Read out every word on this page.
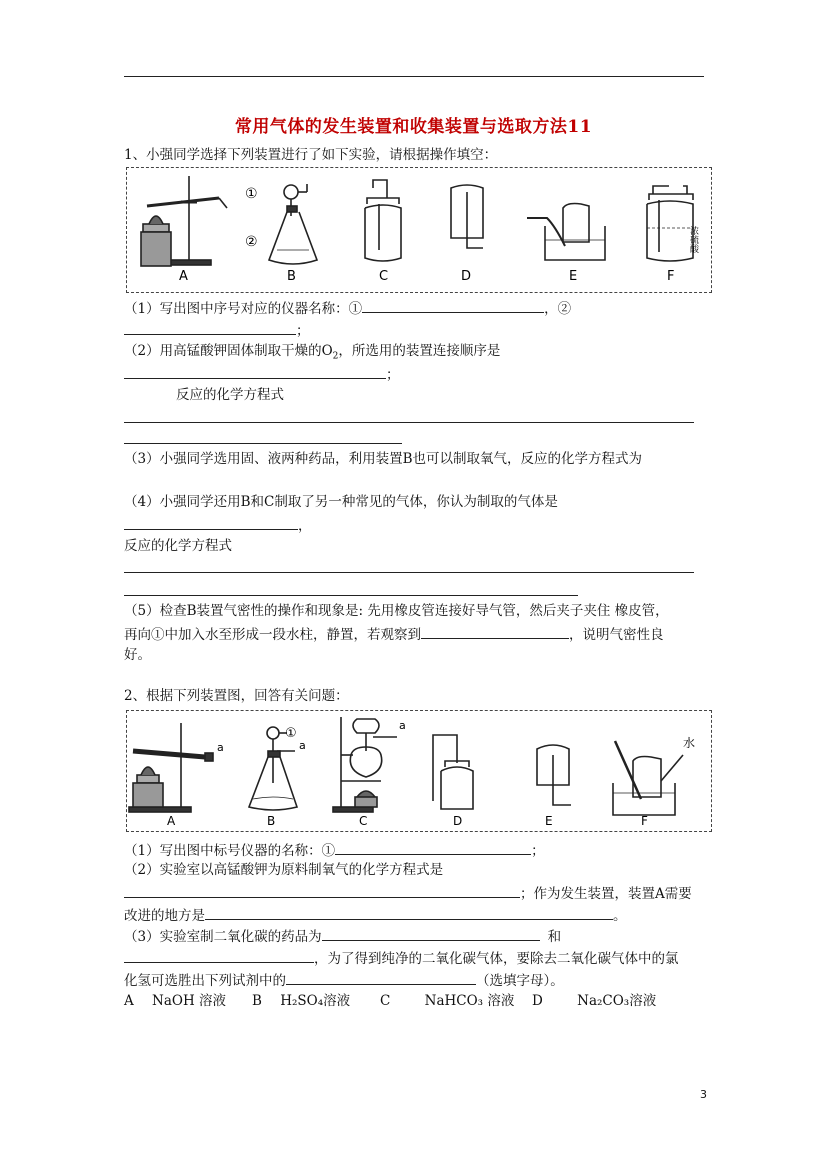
常用气体的发生装置和收集装置与选取方法11
1、小强同学选择下列装置进行了如下实验，请根据操作填空：
A	B	C	D	E	F
①
②	浓硫酸
（1）写出图中序号对应的仪器名称：①	，②
；
（2）用高锰酸钾固体制取干燥的$O_2$，所选用的装置连接顺序是
；
反应的化学方程式
（3）小强同学选用固、液两种药品，利用装置B也可以制取氧气，反应的化学方程式为
（4）小强同学还用B和C制取了另一种常见的气体，你认为制取的气体是
，
反应的化学方程式
（5）检查B装置气密性的操作和现象是: 先用橡皮管连接好导气管，然后夹子夹住 橡皮管，
再向①中加入水至形成一段水柱，静置，若观察到	，说明气密性良
好。
2、根据下列装置图，回答有关问题：
A	B	C	D	E	F
a
①
a
a
水
（1）写出图中标号仪器的名称：①	；
（2）实验室以高锰酸钾为原料制氧气的化学方程式是
；作为发生装置，装置A需要
改进的地方是	。
（3）实验室制二氧化碳的药品为	和
，为了得到纯净的二氧化碳气体，要除去二氧化碳气体中的氯
化氢可选胜出下列试剂中的	（选填字母）。
A NaOH 溶液 B H₂SO₄溶液 C	NaHCO₃ 溶液 D	Na₂CO₃溶液
3
